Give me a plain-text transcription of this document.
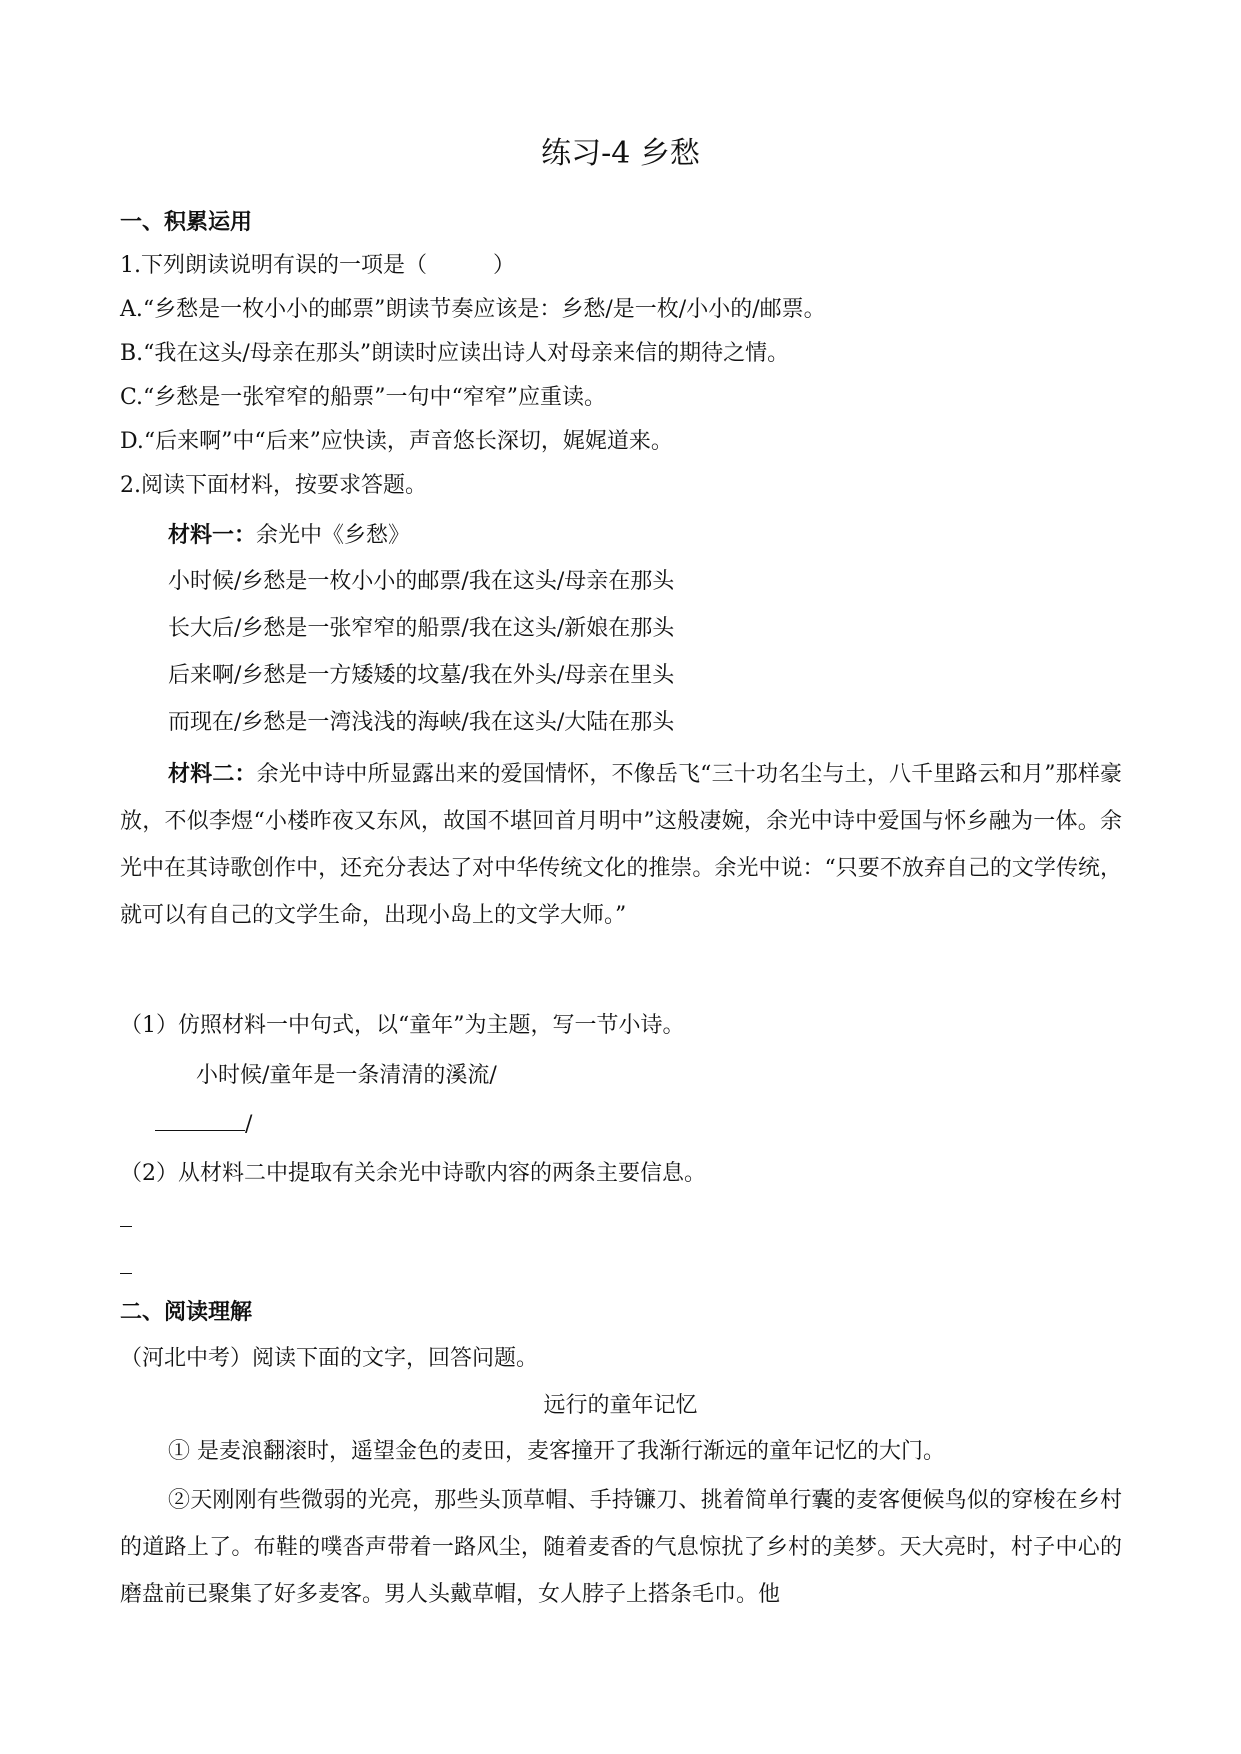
练习-4 乡愁
一、积累运用
1.下列朗读说明有误的一项是（　　　）
A.“乡愁是一枚小小的邮票”朗读节奏应该是：乡愁/是一枚/小小的/邮票。
B.“我在这头/母亲在那头”朗读时应读出诗人对母亲来信的期待之情。
C.“乡愁是一张窄窄的船票”一句中“窄窄”应重读。
D.“后来啊”中“后来”应快读，声音悠长深切，娓娓道来。
2.阅读下面材料，按要求答题。
材料一：余光中《乡愁》
小时候/乡愁是一枚小小的邮票/我在这头/母亲在那头
长大后/乡愁是一张窄窄的船票/我在这头/新娘在那头
后来啊/乡愁是一方矮矮的坟墓/我在外头/母亲在里头
而现在/乡愁是一湾浅浅的海峡/我在这头/大陆在那头
材料二：余光中诗中所显露出来的爱国情怀，不像岳飞“三十功名尘与土，八千里路云和月”那样豪放，不似李煜“小楼昨夜又东风，故国不堪回首月明中”这般凄婉，余光中诗中爱国与怀乡融为一体。余光中在其诗歌创作中，还充分表达了对中华传统文化的推崇。余光中说：“只要不放弃自己的文学传统，就可以有自己的文学生命，出现小岛上的文学大师。”
（1）仿照材料一中句式，以“童年”为主题，写一节小诗。
小时候/童年是一条清清的溪流/
/
（2）从材料二中提取有关余光中诗歌内容的两条主要信息。
二、阅读理解
（河北中考）阅读下面的文字，回答问题。
远行的童年记忆
① 是麦浪翻滚时，遥望金色的麦田，麦客撞开了我渐行渐远的童年记忆的大门。
②天刚刚有些微弱的光亮，那些头顶草帽、手持镰刀、挑着简单行囊的麦客便候鸟似的穿梭在乡村的道路上了。布鞋的噗沓声带着一路风尘，随着麦香的气息惊扰了乡村的美梦。天大亮时，村子中心的磨盘前已聚集了好多麦客。男人头戴草帽，女人脖子上搭条毛巾。他
